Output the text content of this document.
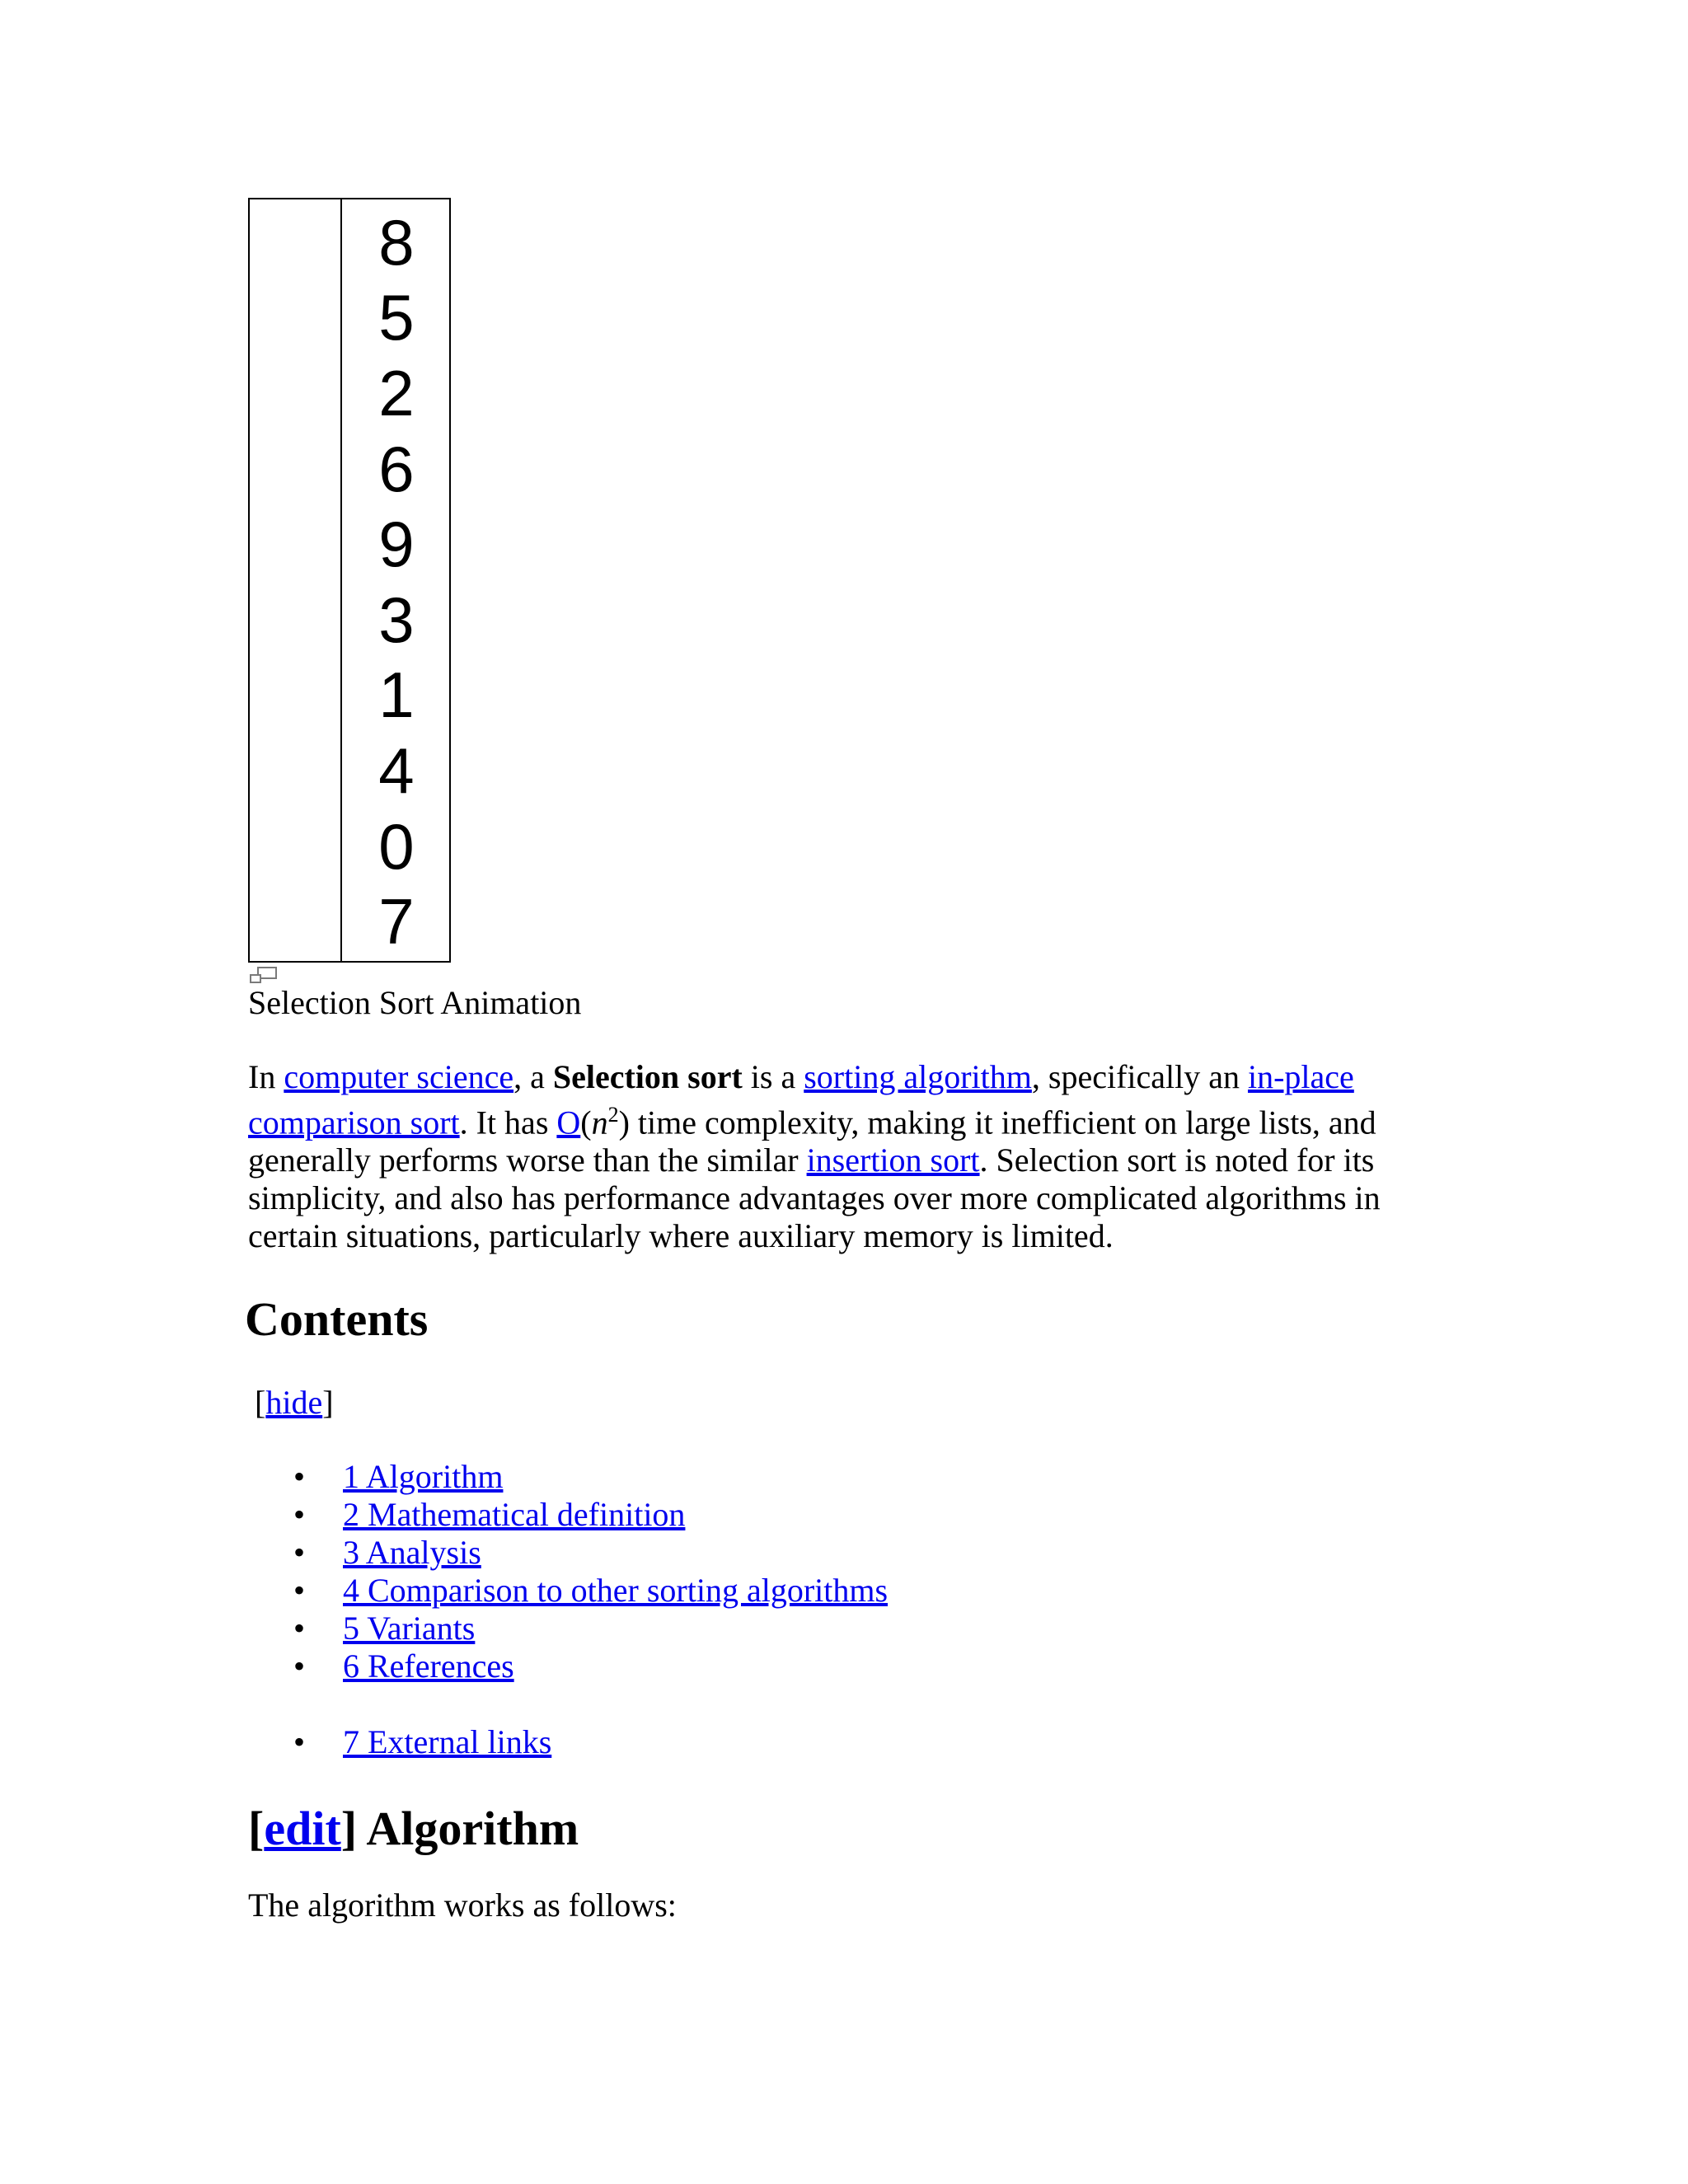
8
5
2
6
9
3
1
4
0
7
Selection Sort Animation

In computer science, a Selection sort is a sorting algorithm, specifically an in-place comparison sort. It has $O(n^2)$ time complexity, making it inefficient on large lists, and generally performs worse than the similar insertion sort. Selection sort is noted for its simplicity, and also has performance advantages over more complicated algorithms in certain situations, particularly where auxiliary memory is limited.

Contents
[hide]
• 1 Algorithm
• 2 Mathematical definition
• 3 Analysis
• 4 Comparison to other sorting algorithms
• 5 Variants
• 6 References
• 7 External links
[edit] Algorithm

The algorithm works as follows:
